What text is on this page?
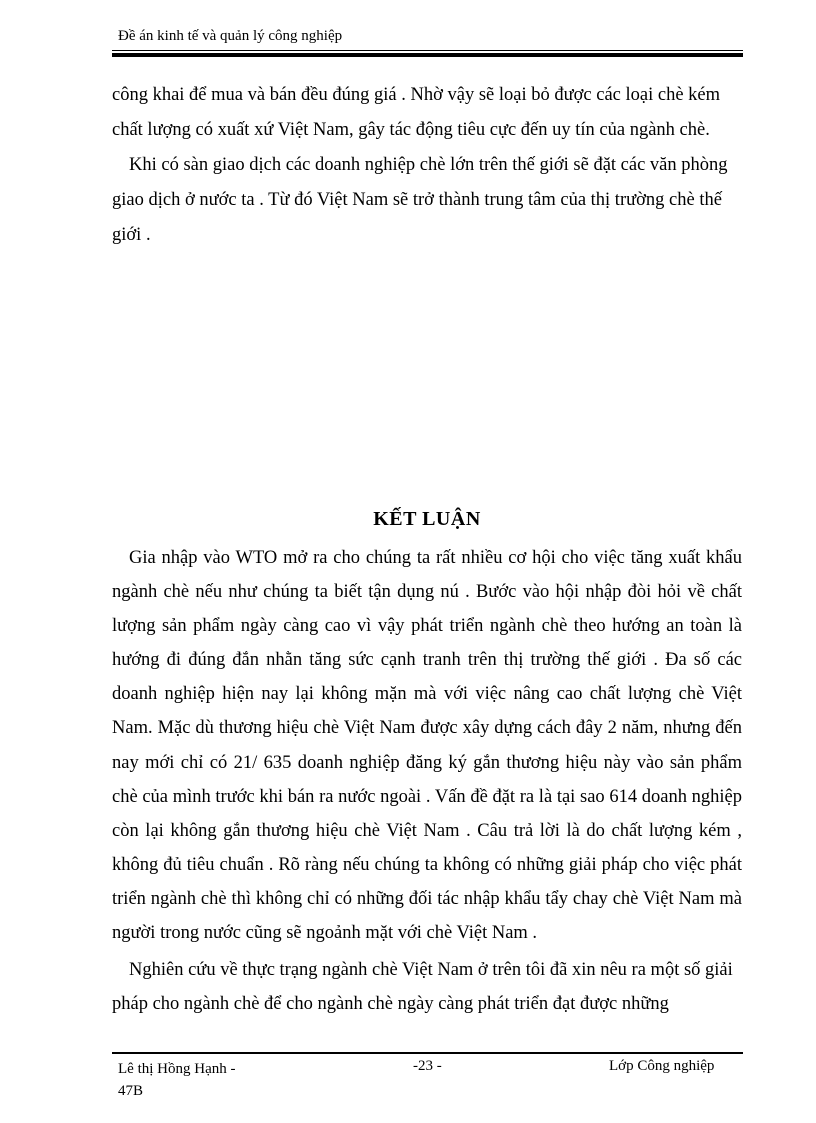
Đề án kinh tế và quản lý công nghiệp
công khai để mua và bán đều đúng giá . Nhờ vậy sẽ loại bỏ được các loại chè kém chất lượng có xuất xứ Việt Nam, gây tác động tiêu cực đến uy tín của ngành chè.
Khi có sàn giao dịch các doanh nghiệp chè lớn trên thế giới sẽ đặt các văn phòng giao dịch ở nước ta . Từ đó Việt Nam sẽ trở thành trung tâm của thị trường chè thế giới .
KẾT LUẬN
Gia nhập vào WTO mở ra cho chúng ta rất nhiều cơ hội cho việc tăng xuất khẩu ngành chè nếu như chúng ta biết tận dụng nú . Bước vào hội nhập đòi hỏi về chất lượng sản phẩm ngày càng cao vì vậy phát triển ngành chè theo hướng an toàn là hướng đi đúng đắn nhằn tăng sức cạnh tranh trên thị trường thế giới . Đa số các doanh nghiệp hiện nay lại không mặn mà với việc nâng cao chất lượng chè Việt Nam. Mặc dù thương hiệu chè Việt Nam được xây dựng cách đây 2 năm, nhưng đến nay mới chỉ có 21/ 635 doanh nghiệp đăng ký gắn thương hiệu này vào sản phẩm chè của mình trước khi bán ra nước ngoài . Vấn đề đặt ra là tại sao 614 doanh nghiệp còn lại không gắn thương hiệu chè Việt Nam . Câu trả lời là do chất lượng kém , không đủ tiêu chuẩn . Rõ ràng nếu chúng ta không có những giải pháp cho việc phát triển ngành chè thì không chỉ có những đối tác nhập khẩu tẩy chay chè Việt Nam mà người trong nước cũng sẽ ngoảnh mặt với chè Việt Nam .
Nghiên cứu về thực trạng ngành chè Việt Nam ở trên tôi đã xin nêu ra một số giải pháp cho ngành chè để cho ngành chè ngày càng phát triển đạt được những
Lê thị Hồng Hạnh -
47B
-23 -	Lớp Công nghiệp
